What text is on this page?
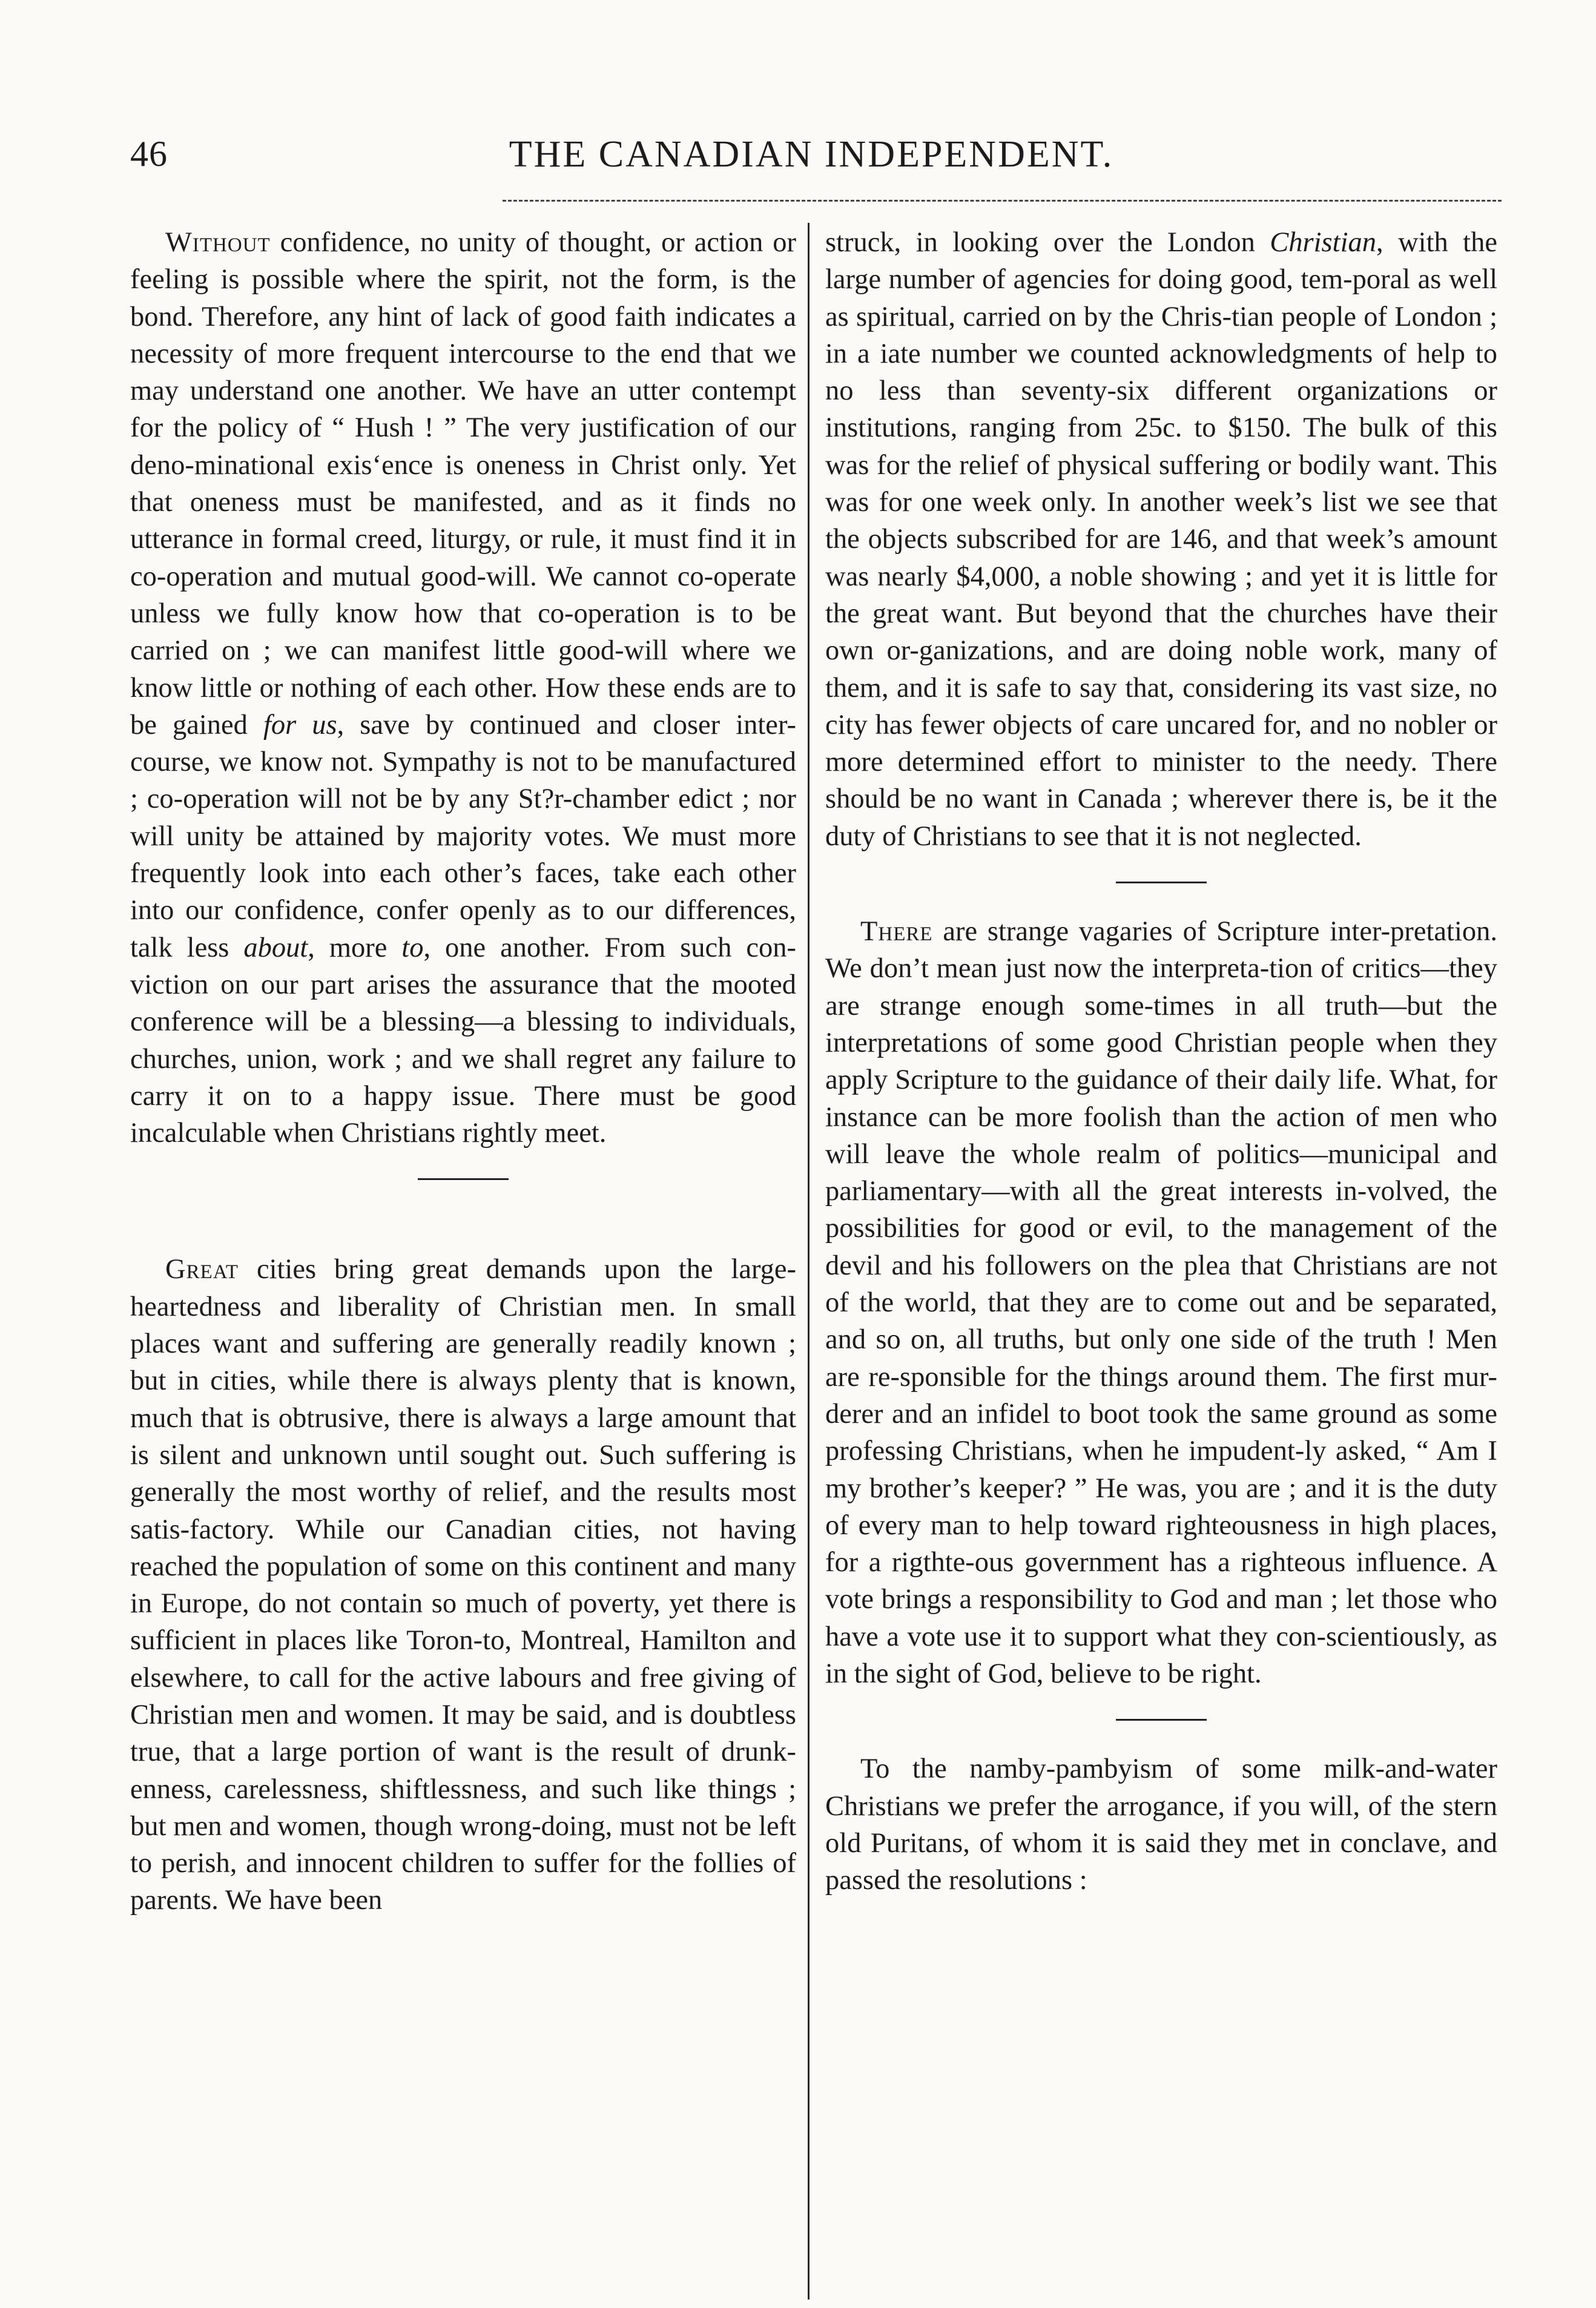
46	THE CANADIAN INDEPENDENT.

Without confidence, no unity of thought, or action or feeling is possible where the spirit, not the form, is the bond. Therefore, any hint of lack of good faith indicates a necessity of more frequent intercourse to the end that we may understand one another. We have an utter contempt for the policy of “ Hush ! ” The very justification of our deno-minational exis‘ence is oneness in Christ only. Yet that oneness must be manifested, and as it finds no utterance in formal creed, liturgy, or rule, it must find it in co-operation and mutual good-will. We cannot co-operate unless we fully know how that co-operation is to be carried on ; we can manifest little good-will where we know little or nothing of each other. How these ends are to be gained for us, save by continued and closer inter-course, we know not. Sympathy is not to be manufactured ; co-operation will not be by any St?r-chamber edict ; nor will unity be attained by majority votes. We must more frequently look into each other’s faces, take each other into our confidence, confer openly as to our differences, talk less about, more to, one another. From such con-viction on our part arises the assurance that the mooted conference will be a blessing—a blessing to individuals, churches, union, work ; and we shall regret any failure to carry it on to a happy issue. There must be good incalculable when Christians rightly meet.

Great cities bring great demands upon the large-heartedness and liberality of Christian men. In small places want and suffering are generally readily known ; but in cities, while there is always plenty that is known, much that is obtrusive, there is always a large amount that is silent and unknown until sought out. Such suffering is generally the most worthy of relief, and the results most satis-factory. While our Canadian cities, not having reached the population of some on this continent and many in Europe, do not contain so much of poverty, yet there is sufficient in places like Toron-to, Montreal, Hamilton and elsewhere, to call for the active labours and free giving of Christian men and women. It may be said, and is doubtless true, that a large portion of want is the result of drunk-enness, carelessness, shiftlessness, and such like things ; but men and women, though wrong-doing, must not be left to perish, and innocent children to suffer for the follies of parents. We have been

struck, in looking over the London Christian, with the large number of agencies for doing good, tem-poral as well as spiritual, carried on by the Chris-tian people of London ; in a iate number we counted acknowledgments of help to no less than seventy-six different organizations or institutions, ranging from 25c. to $150. The bulk of this was for the relief of physical suffering or bodily want. This was for one week only. In another week’s list we see that the objects subscribed for are 146, and that week’s amount was nearly $4,000, a noble showing ; and yet it is little for the great want. But beyond that the churches have their own or-ganizations, and are doing noble work, many of them, and it is safe to say that, considering its vast size, no city has fewer objects of care uncared for, and no nobler or more determined effort to minister to the needy. There should be no want in Canada ; wherever there is, be it the duty of Christians to see that it is not neglected.

There are strange vagaries of Scripture inter-pretation. We don’t mean just now the interpreta-tion of critics—they are strange enough some-times in all truth—but the interpretations of some good Christian people when they apply Scripture to the guidance of their daily life. What, for instance can be more foolish than the action of men who will leave the whole realm of politics—municipal and parliamentary—with all the great interests in-volved, the possibilities for good or evil, to the management of the devil and his followers on the plea that Christians are not of the world, that they are to come out and be separated, and so on, all truths, but only one side of the truth ! Men are re-sponsible for the things around them. The first mur-derer and an infidel to boot took the same ground as some professing Christians, when he impudent-ly asked, “ Am I my brother’s keeper? ” He was, you are ; and it is the duty of every man to help toward righteousness in high places, for a rigthte-ous government has a righteous influence. A vote brings a responsibility to God and man ; let those who have a vote use it to support what they con-scientiously, as in the sight of God, believe to be right.

To the namby-pambyism of some milk-and-water Christians we prefer the arrogance, if you will, of the stern old Puritans, of whom it is said they met in conclave, and passed the resolutions :
